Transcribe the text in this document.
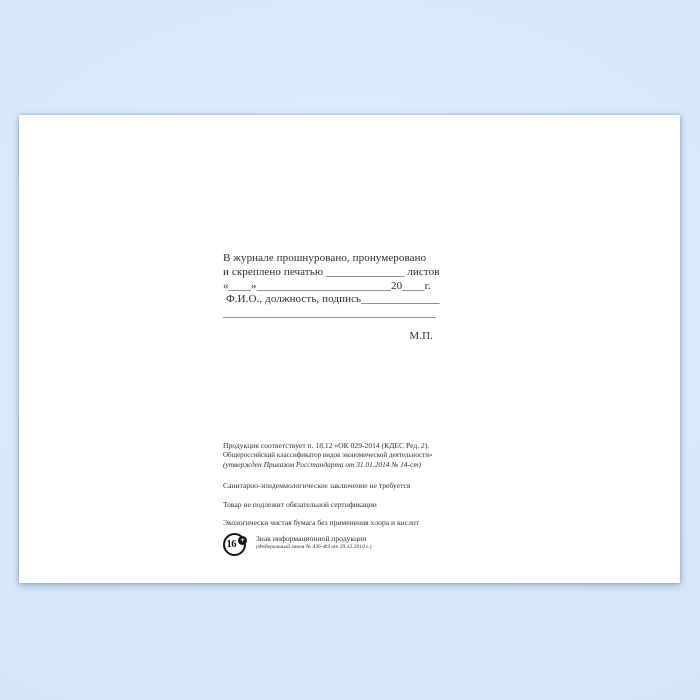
В журнале прошнуровано, пронумеровано
и скреплено печатью ______________ листов
«____»________________________20____г.
Ф.И.О., должность, подпись______________
______________________________________
М.П.
Продукция соответствует п. 18.12 «ОК 029-2014 (КДЕС Ред. 2).
Общероссийский классификатор видов экономической деятельности»
(утвержден Приказом Росстандарта от 31.01.2014 № 14-ст)
Санитарно-эпидемиологическое заключение не требуется
Товар не подлежит обязательной сертификации
Экологически чистая бумага без применения хлора и кислот
16 + Знак информационной продукции
(Федеральный закон № 436-ФЗ от 29.12.2010 г.)
